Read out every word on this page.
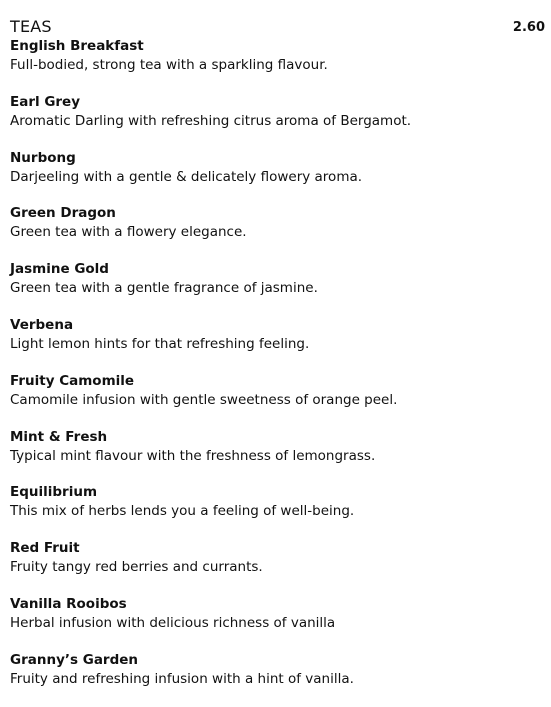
TEAS	2.60
English Breakfast
Full-bodied, strong tea with a sparkling flavour.
Earl Grey
Aromatic Darling with refreshing citrus aroma of Bergamot.
Nurbong
Darjeeling with a gentle & delicately flowery aroma.
Green Dragon
Green tea with a flowery elegance.
Jasmine Gold
Green tea with a gentle fragrance of jasmine.
Verbena
Light lemon hints for that refreshing feeling.
Fruity Camomile
Camomile infusion with gentle sweetness of orange peel.
Mint & Fresh
Typical mint flavour with the freshness of lemongrass.
Equilibrium
This mix of herbs lends you a feeling of well-being.
Red Fruit
Fruity tangy red berries and currants.
Vanilla Rooibos
Herbal infusion with delicious richness of vanilla
Granny’s Garden
Fruity and refreshing infusion with a hint of vanilla.
